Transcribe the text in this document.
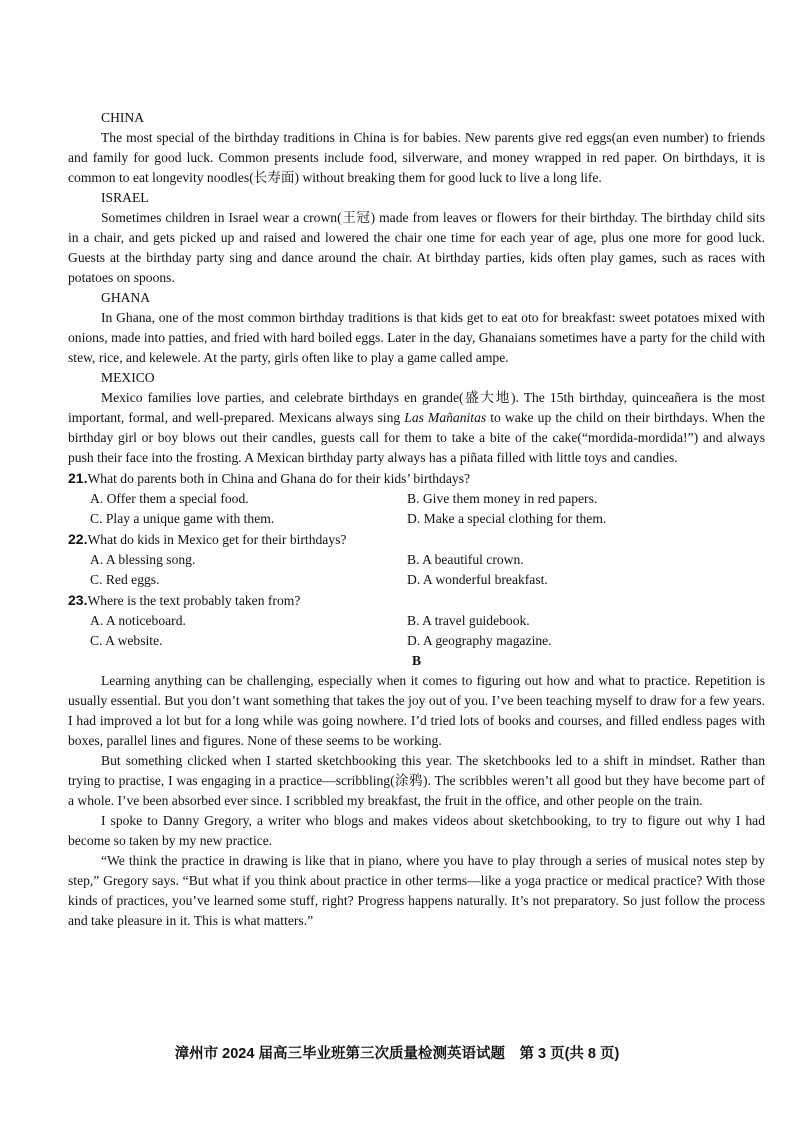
CHINA

The most special of the birthday traditions in China is for babies. New parents give red eggs(an even number) to friends and family for good luck. Common presents include food, silverware, and money wrapped in red paper. On birthdays, it is common to eat longevity noodles(长寿面) without breaking them for good luck to live a long life.

ISRAEL

Sometimes children in Israel wear a crown(王冠) made from leaves or flowers for their birthday. The birthday child sits in a chair, and gets picked up and raised and lowered the chair one time for each year of age, plus one more for good luck. Guests at the birthday party sing and dance around the chair. At birthday parties, kids often play games, such as races with potatoes on spoons.

GHANA

In Ghana, one of the most common birthday traditions is that kids get to eat oto for breakfast: sweet potatoes mixed with onions, made into patties, and fried with hard boiled eggs. Later in the day, Ghanaians sometimes have a party for the child with stew, rice, and kelewele. At the party, girls often like to play a game called ampe.

MEXICO

Mexico families love parties, and celebrate birthdays en grande(盛大地). The 15th birthday, quinceañera is the most important, formal, and well-prepared. Mexicans always sing Las Mañanitas to wake up the child on their birthdays. When the birthday girl or boy blows out their candles, guests call for them to take a bite of the cake(“mordida-mordida!”) and always push their face into the frosting. A Mexican birthday party always has a piñata filled with little toys and candies.

21.What do parents both in China and Ghana do for their kids’ birthdays?

A. Offer them a special food.	B. Give them money in red papers.
C. Play a unique game with them.	D. Make a special clothing for them.

22.What do kids in Mexico get for their birthdays?

A. A blessing song.	B. A beautiful crown.
C. Red eggs.	D. A wonderful breakfast.

23.Where is the text probably taken from?

A. A noticeboard.	B. A travel guidebook.
C. A website.	D. A geography magazine.

B

Learning anything can be challenging, especially when it comes to figuring out how and what to practice. Repetition is usually essential. But you don’t want something that takes the joy out of you. I’ve been teaching myself to draw for a few years. I had improved a lot but for a long while was going nowhere. I’d tried lots of books and courses, and filled endless pages with boxes, parallel lines and figures. None of these seems to be working.

But something clicked when I started sketchbooking this year. The sketchbooks led to a shift in mindset. Rather than trying to practise, I was engaging in a practice—scribbling(涂鸦). The scribbles weren’t all good but they have become part of a whole. I’ve been absorbed ever since. I scribbled my breakfast, the fruit in the office, and other people on the train.

I spoke to Danny Gregory, a writer who blogs and makes videos about sketchbooking, to try to figure out why I had become so taken by my new practice.

“We think the practice in drawing is like that in piano, where you have to play through a series of musical notes step by step,” Gregory says. “But what if you think about practice in other terms—like a yoga practice or medical practice? With those kinds of practices, you’ve learned some stuff, right? Progress happens naturally. It’s not preparatory. So just follow the process and take pleasure in it. This is what matters.”

漳州市 2024 届高三毕业班第三次质量检测英语试题　第 3 页(共 8 页)
